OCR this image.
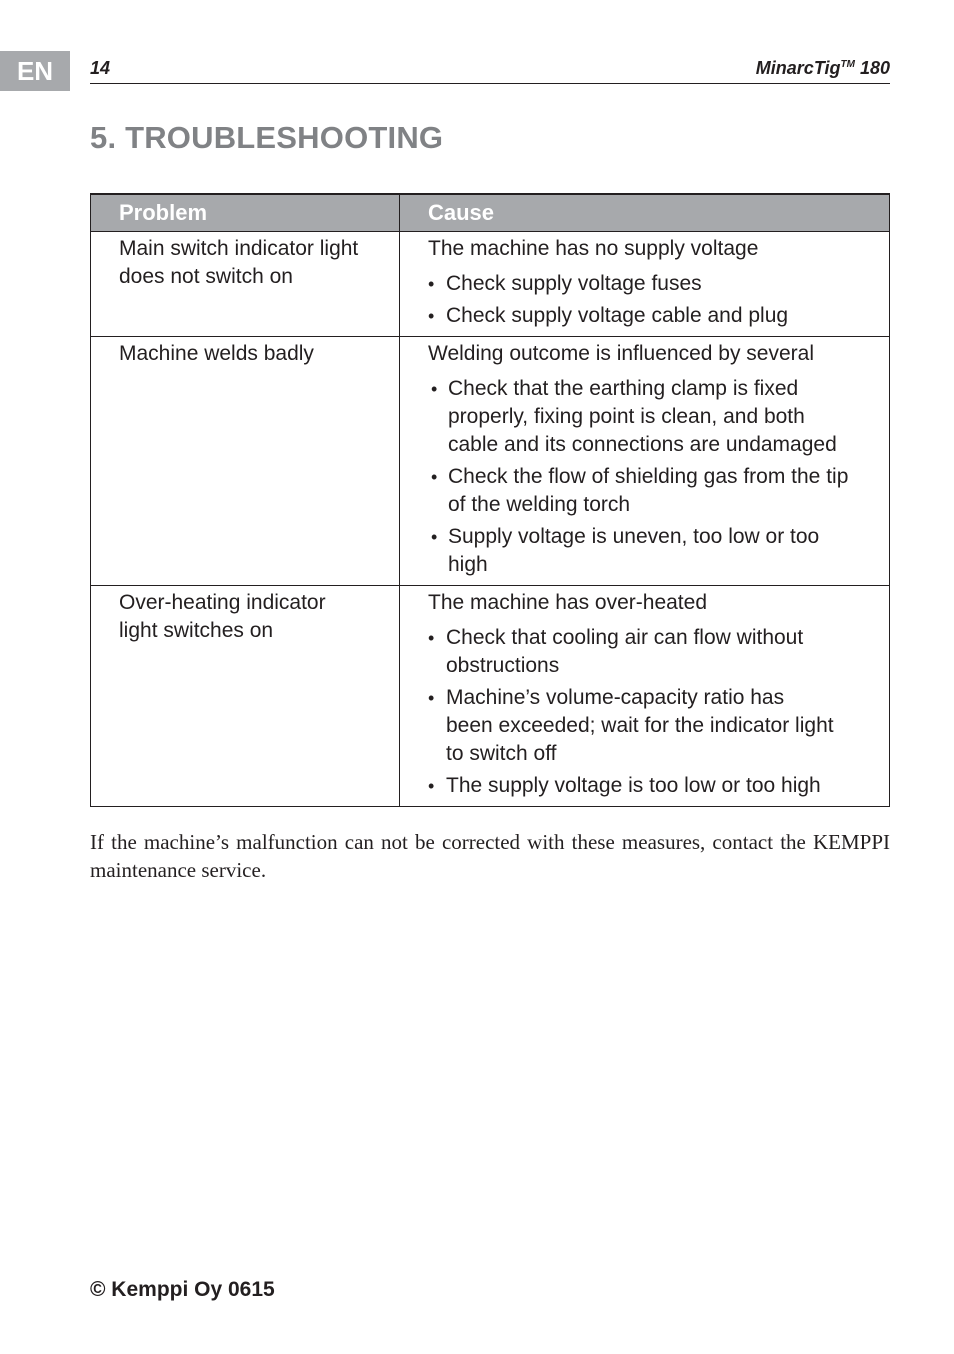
EN	14	MinarcTig™ 180
5. TROUBLESHOOTING
Problem	Cause

Main switch indicator light does not switch on	The machine has no supply voltage
• Check supply voltage fuses
• Check supply voltage cable and plug

Machine welds badly	Welding outcome is influenced by several
• Check that the earthing clamp is fixed properly, fixing point is clean, and both cable and its connections are undamaged
• Check the flow of shielding gas from the tip of the welding torch
• Supply voltage is uneven, too low or too high

Over-heating indicator light switches on	The machine has over-heated
• Check that cooling air can flow without obstructions
• Machine’s volume-capacity ratio has been exceeded; wait for the indicator light to switch off
• The supply voltage is too low or too high

If the machine’s malfunction can not be corrected with these measures, contact the KEMPPI maintenance service.

© Kemppi Oy 0615
